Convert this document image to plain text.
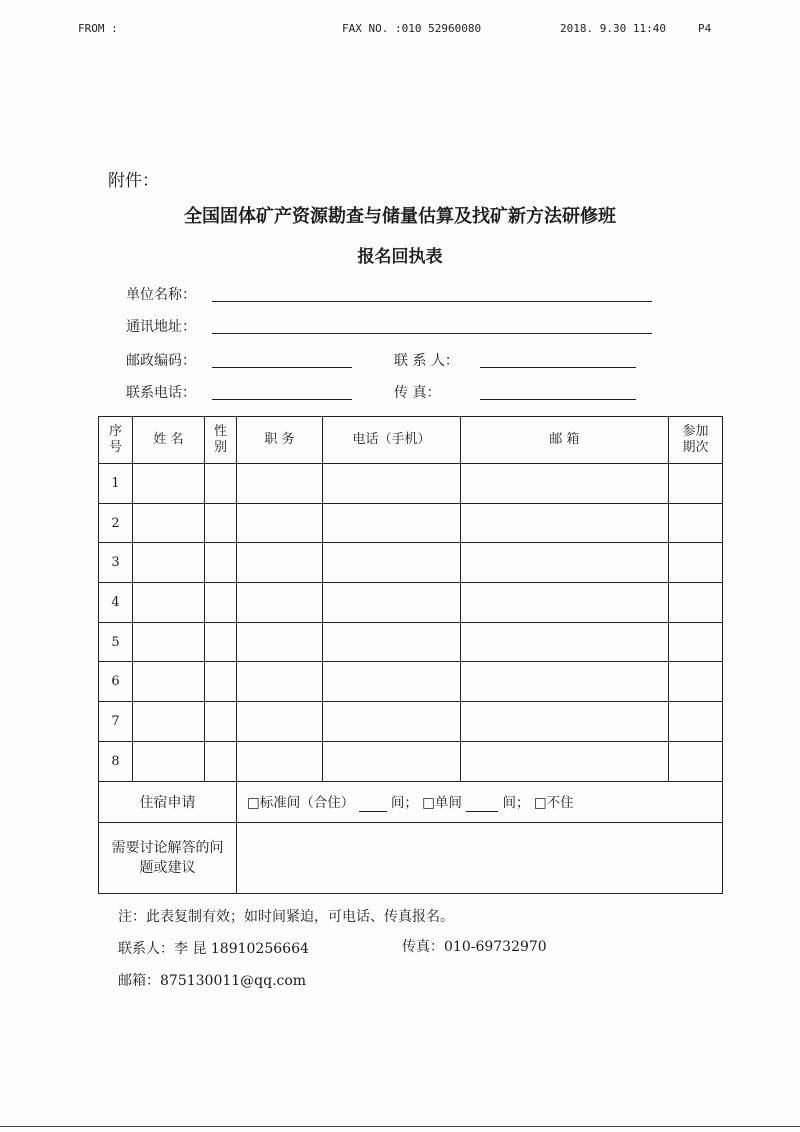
FROM :	FAX NO. :010 52960080	2018. 9.30 11:40	P4
附件：
全国固体矿产资源勘查与储量估算及找矿新方法研修班
报名回执表
单位名称：
通讯地址：
邮政编码：	联 系 人：
联系电话：	传 真：
序号	姓 名	性别	职 务	电话（手机）	邮 箱	参加期次
1						
2						
3						
4						
5						
6						
7						
8						
住宿申请			□标准间（合住） 间； □单间 间； □不住			
需要讨论解答的问题或建议						
注：此表复制有效；如时间紧迫，可电话、传真报名。
联系人：李 昆 18910256664	传真：010-69732970
邮箱：875130011@qq.com
